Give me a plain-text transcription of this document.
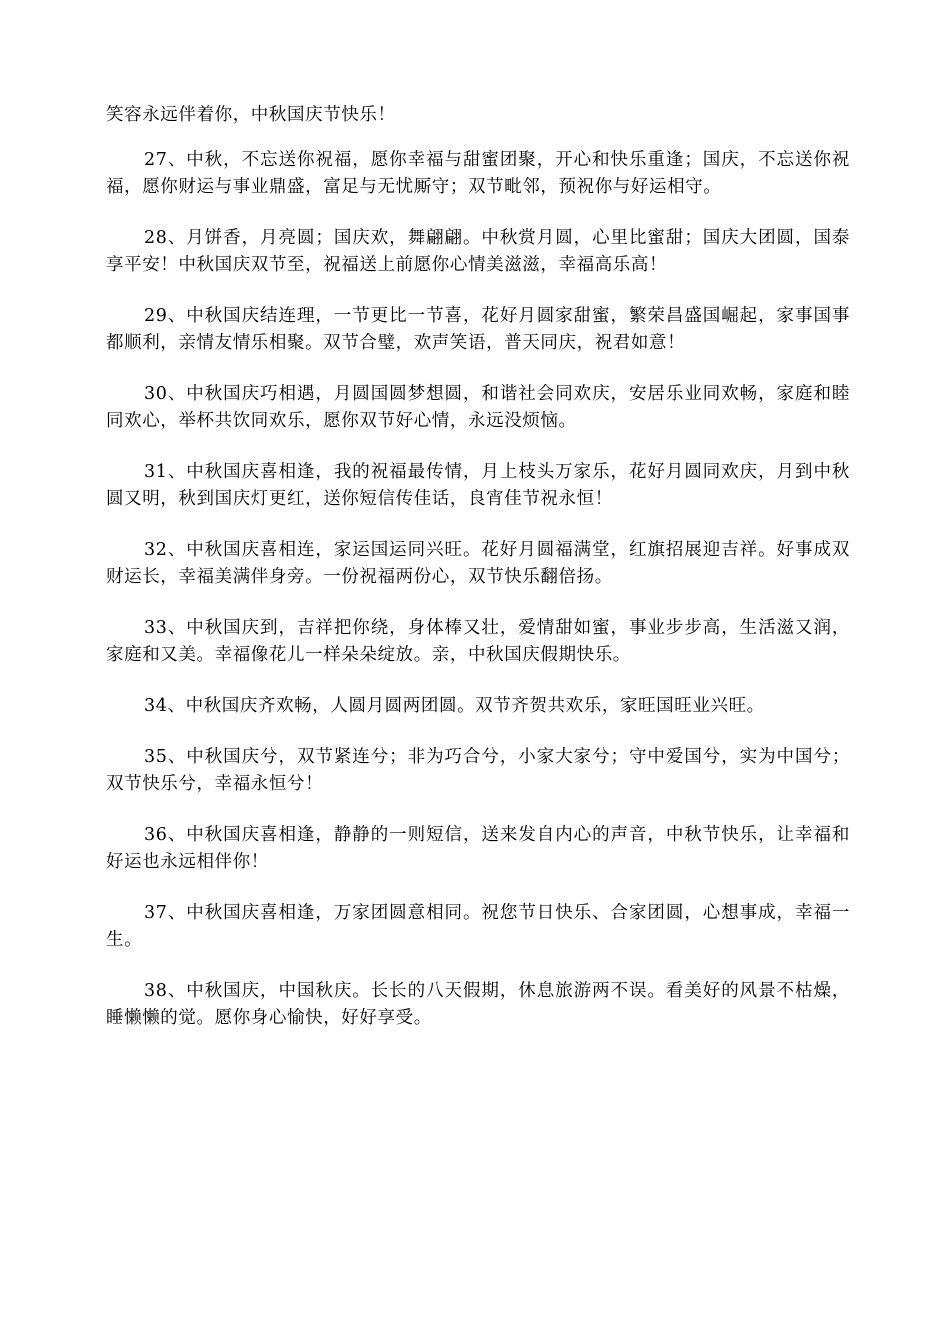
笑容永远伴着你，中秋国庆节快乐！

27、中秋，不忘送你祝福，愿你幸福与甜蜜团聚，开心和快乐重逢；国庆，不忘送你祝福，愿你财运与事业鼎盛，富足与无忧厮守；双节毗邻，预祝你与好运相守。

28、月饼香，月亮圆；国庆欢，舞翩翩。中秋赏月圆，心里比蜜甜；国庆大团圆，国泰享平安！中秋国庆双节至，祝福送上前愿你心情美滋滋，幸福高乐高！

29、中秋国庆结连理，一节更比一节喜，花好月圆家甜蜜，繁荣昌盛国崛起，家事国事都顺利，亲情友情乐相聚。双节合璧，欢声笑语，普天同庆，祝君如意！

30、中秋国庆巧相遇，月圆国圆梦想圆，和谐社会同欢庆，安居乐业同欢畅，家庭和睦同欢心，举杯共饮同欢乐，愿你双节好心情，永远没烦恼。

31、中秋国庆喜相逢，我的祝福最传情，月上枝头万家乐，花好月圆同欢庆，月到中秋圆又明，秋到国庆灯更红，送你短信传佳话，良宵佳节祝永恒！

32、中秋国庆喜相连，家运国运同兴旺。花好月圆福满堂，红旗招展迎吉祥。好事成双财运长，幸福美满伴身旁。一份祝福两份心，双节快乐翻倍扬。

33、中秋国庆到，吉祥把你绕，身体棒又壮，爱情甜如蜜，事业步步高，生活滋又润，家庭和又美。幸福像花儿一样朵朵绽放。亲，中秋国庆假期快乐。

34、中秋国庆齐欢畅，人圆月圆两团圆。双节齐贺共欢乐，家旺国旺业兴旺。

35、中秋国庆兮，双节紧连兮；非为巧合兮，小家大家兮；守中爱国兮，实为中国兮；双节快乐兮，幸福永恒兮！

36、中秋国庆喜相逢，静静的一则短信，送来发自内心的声音，中秋节快乐，让幸福和好运也永远相伴你！

37、中秋国庆喜相逢，万家团圆意相同。祝您节日快乐、合家团圆，心想事成，幸福一生。

38、中秋国庆，中国秋庆。长长的八天假期，休息旅游两不误。看美好的风景不枯燥，睡懒懒的觉。愿你身心愉快，好好享受。
